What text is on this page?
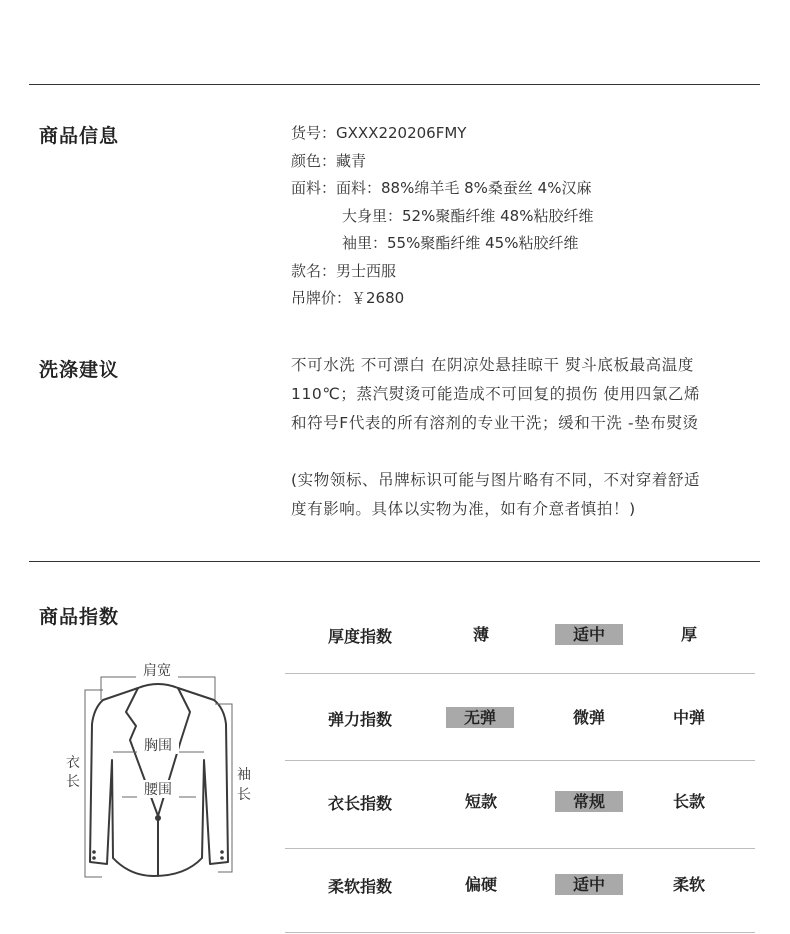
商品信息	货号：GXXX220206FMY
颜色：藏青
面料：面料：88%绵羊毛 8%桑蚕丝 4%汉麻
大身里：52%聚酯纤维 48%粘胶纤维
袖里：55%聚酯纤维 45%粘胶纤维
款名：男士西服
吊牌价：￥2680
洗涤建议	不可水洗 不可漂白 在阴凉处悬挂晾干 熨斗底板最高温度
110℃；蒸汽熨烫可能造成不可回复的损伤 使用四氯乙烯
和符号F代表的所有溶剂的专业干洗；缓和干洗 -垫布熨烫
(实物领标、吊牌标识可能与图片略有不同，不对穿着舒适
度有影响。具体以实物为准，如有介意者慎拍！)
商品指数
厚度指数	薄	适中	厚
弹力指数	无弹	微弹	中弹
衣长指数	短款	常规	长款
柔软指数	偏硬	适中	柔软
肩宽
胸围
腰围
衣
长	袖
长
